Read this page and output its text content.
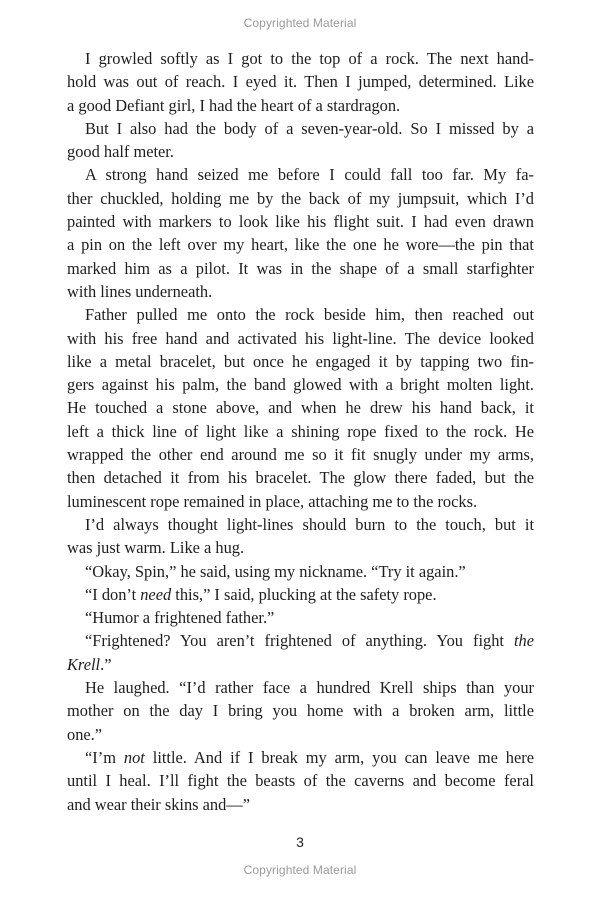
Copyrighted Material
I growled softly as I got to the top of a rock. The next hand-
hold was out of reach. I eyed it. Then I jumped, determined. Like
a good Defiant girl, I had the heart of a stardragon.
But I also had the body of a seven-year-old. So I missed by a
good half meter.
A strong hand seized me before I could fall too far. My fa-
ther chuckled, holding me by the back of my jumpsuit, which I’d
painted with markers to look like his flight suit. I had even drawn
a pin on the left over my heart, like the one he wore—the pin that
marked him as a pilot. It was in the shape of a small starfighter
with lines underneath.
Father pulled me onto the rock beside him, then reached out
with his free hand and activated his light-line. The device looked
like a metal bracelet, but once he engaged it by tapping two fin-
gers against his palm, the band glowed with a bright molten light.
He touched a stone above, and when he drew his hand back, it
left a thick line of light like a shining rope fixed to the rock. He
wrapped the other end around me so it fit snugly under my arms,
then detached it from his bracelet. The glow there faded, but the
luminescent rope remained in place, attaching me to the rocks.
I’d always thought light-lines should burn to the touch, but it
was just warm. Like a hug.
“Okay, Spin,” he said, using my nickname. “Try it again.”
“I don’t need this,” I said, plucking at the safety rope.
“Humor a frightened father.”
“Frightened? You aren’t frightened of anything. You fight the
Krell.”
He laughed. “I’d rather face a hundred Krell ships than your
mother on the day I bring you home with a broken arm, little
one.”
“I’m not little. And if I break my arm, you can leave me here
until I heal. I’ll fight the beasts of the caverns and become feral
and wear their skins and—”
3
Copyrighted Material
